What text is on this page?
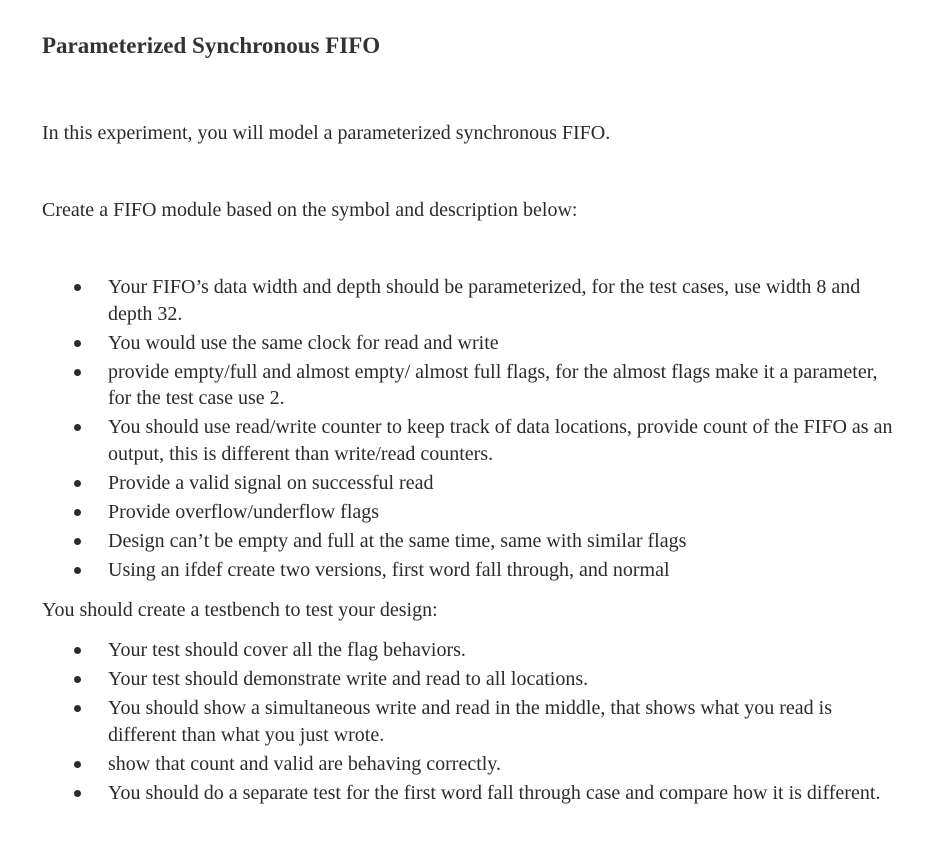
Parameterized Synchronous FIFO

In this experiment, you will model a parameterized synchronous FIFO.

Create a FIFO module based on the symbol and description below:

Your FIFO’s data width and depth should be parameterized, for the test cases, use width 8 and depth 32.
You would use the same clock for read and write
provide empty/full and almost empty/ almost full flags, for the almost flags make it a parameter, for the test case use 2.
You should use read/write counter to keep track of data locations, provide count of the FIFO as an output, this is different than write/read counters.
Provide a valid signal on successful read
Provide overflow/underflow flags
Design can’t be empty and full at the same time, same with similar flags
Using an ifdef create two versions, first word fall through, and normal

You should create a testbench to test your design:

Your test should cover all the flag behaviors.
Your test should demonstrate write and read to all locations.
You should show a simultaneous write and read in the middle, that shows what you read is different than what you just wrote.
show that count and valid are behaving correctly.
You should do a separate test for the first word fall through case and compare how it is different.
